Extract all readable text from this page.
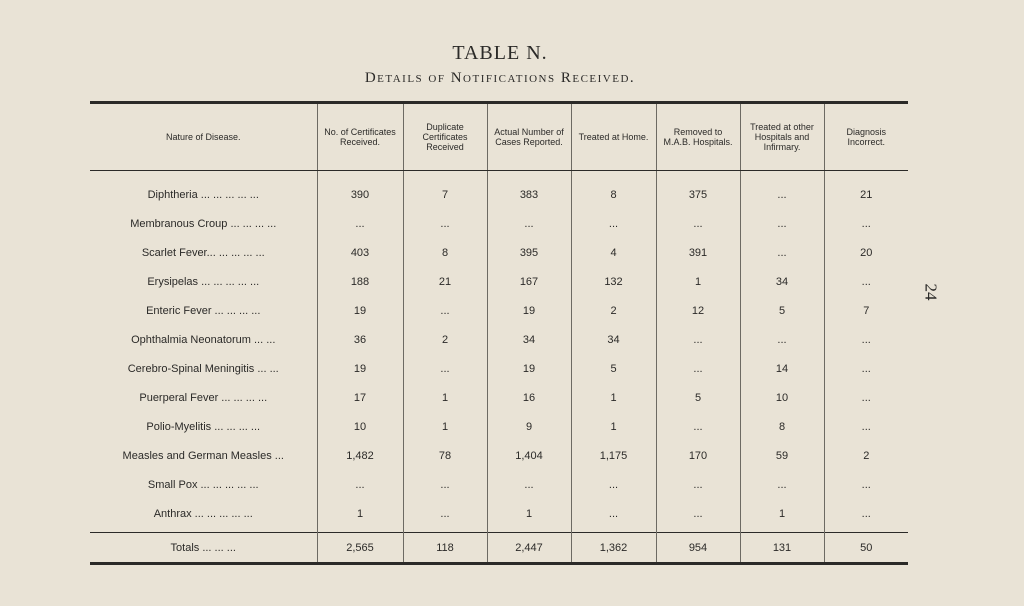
TABLE N.
Details of Notifications Received.
24
Nature of Disease.	No. of Certificates Received.	Duplicate Certificates Received	Actual Number of Cases Reported.	Treated at Home.	Removed to M.A.B. Hospitals.	Treated at other Hospitals and Infirmary.	Diagnosis Incorrect.
Diphtheria ... ... ... ... ...	390	7	383	8	375	...	21
Membranous Croup ... ... ... ...	...	...	...	...	...	...	...
Scarlet Fever... ... ... ... ...	403	8	395	4	391	...	20
Erysipelas ... ... ... ... ...	188	21	167	132	1	34	...
Enteric Fever ... ... ... ...	19	...	19	2	12	5	7
Ophthalmia Neonatorum ... ...	36	2	34	34	...	...	...
Cerebro-Spinal Meningitis ... ...	19	...	19	5	...	14	...
Puerperal Fever ... ... ... ...	17	1	16	1	5	10	...
Polio-Myelitis ... ... ... ...	10	1	9	1	...	8	...
Measles and German Measles ...	1,482	78	1,404	1,175	170	59	2
Small Pox ... ... ... ... ...	...	...	...	...	...	...	...
Anthrax ... ... ... ... ...	1	...	1	...	...	1	...
Totals ... ... ...	2,565	118	2,447	1,362	954	131	50
